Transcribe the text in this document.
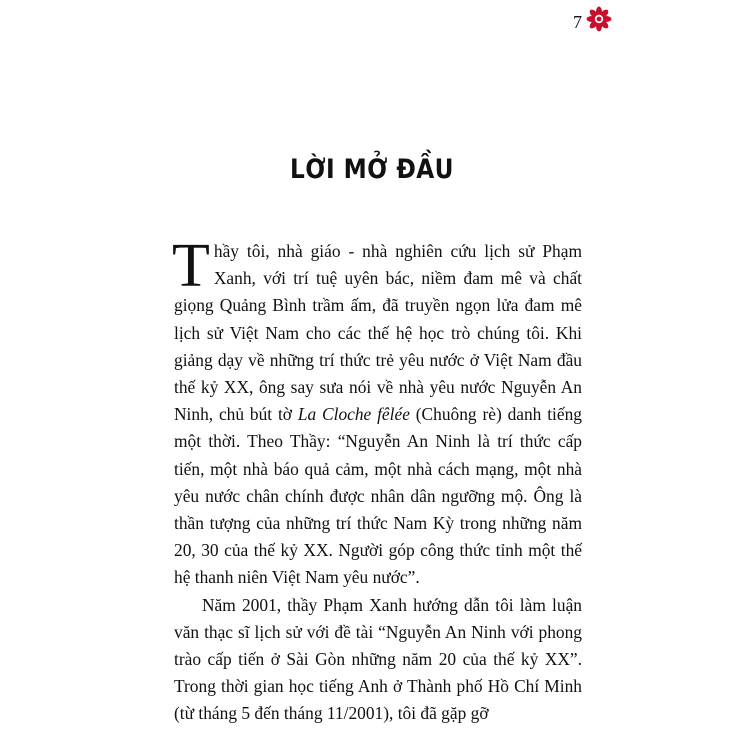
7
LỜI MỞ ĐẦU

Thầy tôi, nhà giáo - nhà nghiên cứu lịch sử Phạm Xanh, với trí tuệ uyên bác, niềm đam mê và chất giọng Quảng Bình trầm ấm, đã truyền ngọn lửa đam mê lịch sử Việt Nam cho các thế hệ học trò chúng tôi. Khi giảng dạy về những trí thức trẻ yêu nước ở Việt Nam đầu thế kỷ XX, ông say sưa nói về nhà yêu nước Nguyễn An Ninh, chủ bút tờ La Cloche fêlée (Chuông rè) danh tiếng một thời. Theo Thầy: “Nguyễn An Ninh là trí thức cấp tiến, một nhà báo quả cảm, một nhà cách mạng, một nhà yêu nước chân chính được nhân dân ngưỡng mộ. Ông là thần tượng của những trí thức Nam Kỳ trong những năm 20, 30 của thế kỷ XX. Người góp công thức tỉnh một thế hệ thanh niên Việt Nam yêu nước”.

Năm 2001, thầy Phạm Xanh hướng dẫn tôi làm luận văn thạc sĩ lịch sử với đề tài “Nguyễn An Ninh với phong trào cấp tiến ở Sài Gòn những năm 20 của thế kỷ XX”. Trong thời gian học tiếng Anh ở Thành phố Hồ Chí Minh (từ tháng 5 đến tháng 11/2001), tôi đã gặp gỡ
